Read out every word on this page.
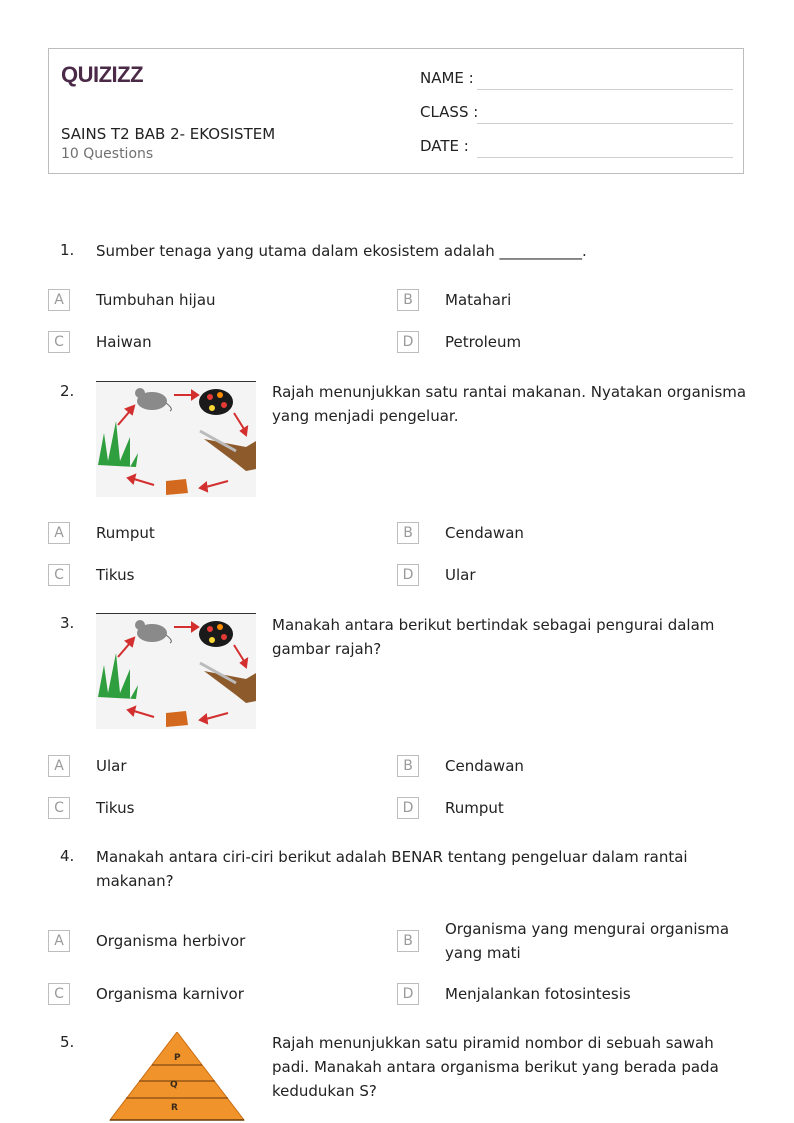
QUIZIZZ
SAINS T2 BAB 2- EKOSISTEM
10 Questions
NAME :
CLASS :
DATE :
1. Sumber tenaga yang utama dalam ekosistem adalah ___________.
A	Tumbuhan hijau	B	Matahari
C	Haiwan	D	Petroleum
2.	Rajah menunjukkan satu rantai makanan. Nyatakan organisma yang menjadi pengeluar.
A	Rumput	B	Cendawan
C	Tikus	D	Ular
3.	Manakah antara berikut bertindak sebagai pengurai dalam gambar rajah?
A	Ular	B	Cendawan
C	Tikus	D	Rumput
4. Manakah antara ciri-ciri berikut adalah BENAR tentang pengeluar dalam rantai makanan?
A	Organisma herbivor	B
Organisma yang mengurai organisma yang mati
C	Organisma karnivor	D	Menjalankan fotosintesis
5.
P
Q
R
Rajah menunjukkan satu piramid nombor di sebuah sawah padi. Manakah antara organisma berikut yang berada pada kedudukan S?
